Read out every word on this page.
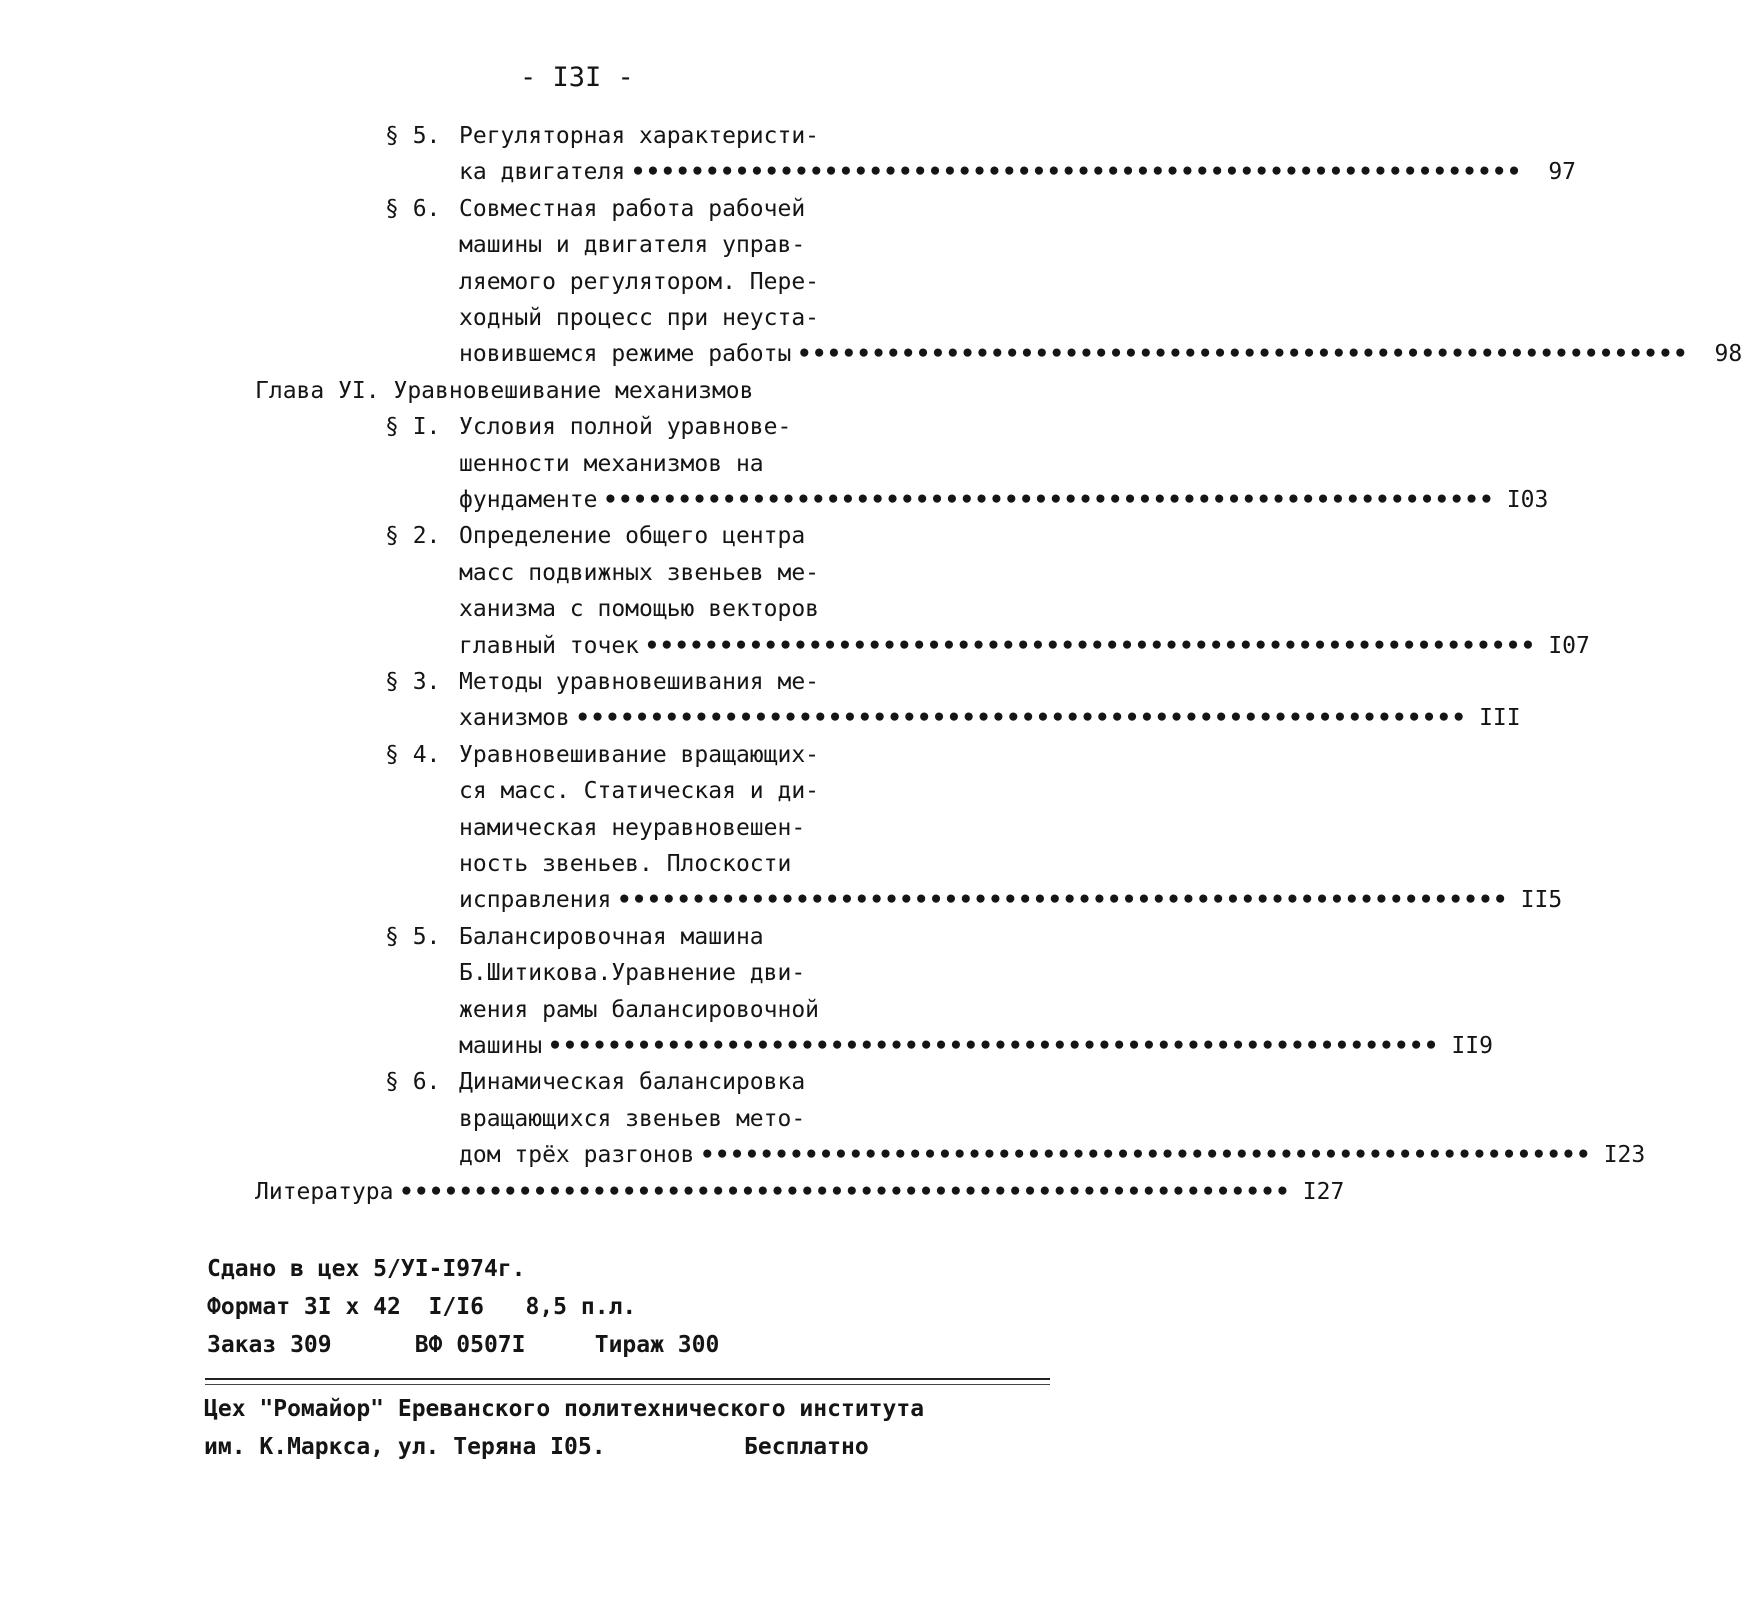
- I3I -
§ 5. Регуляторная характеристи-
ка двигателя ••••••••••••••••••••••••••••••••••••••••••••••••••••••••••••	97
§ 6. Совместная работа рабочей
машины и двигателя управ-
ляемого регулятором. Пере-
ходный процесс при неуста-
новившемся режиме работы ••••••••••••••••••••••••••••••••••••••••••••••••••••••••••••	98
Глава УI. Уравновешивание механизмов
§ I. Условия полной уравнове-
шенности механизмов на
фундаменте •••••••••••••••••••••••••••••••••••••••••••••••••••••••••••• I03
§ 2. Определение общего центра
масс подвижных звеньев ме-
ханизма с помощью векторов
главный точек •••••••••••••••••••••••••••••••••••••••••••••••••••••••••••• I07
§ 3. Методы уравновешивания ме-
ханизмов •••••••••••••••••••••••••••••••••••••••••••••••••••••••••••• III
§ 4. Уравновешивание вращающих-
ся масс. Статическая и ди-
намическая неуравновешен-
ность звеньев. Плоскости
исправления •••••••••••••••••••••••••••••••••••••••••••••••••••••••••••• II5
§ 5. Балансировочная машина
Б.Шитикова.Уравнение дви-
жения рамы балансировочной
машины •••••••••••••••••••••••••••••••••••••••••••••••••••••••••••• II9
§ 6. Динамическая балансировка
вращающихся звеньев мето-
дом трёх разгонов •••••••••••••••••••••••••••••••••••••••••••••••••••••••••••• I23
Литература •••••••••••••••••••••••••••••••••••••••••••••••••••••••••••• I27
Сдано в цех 5/УI-I974г.
Формат 3I х 42  I/I6   8,5 п.л.
Заказ 309      ВФ 0507I     Тираж 300
Цех "Ромайор" Ереванского политехнического института
им. К.Маркса, ул. Теряна I05.          Бесплатно
